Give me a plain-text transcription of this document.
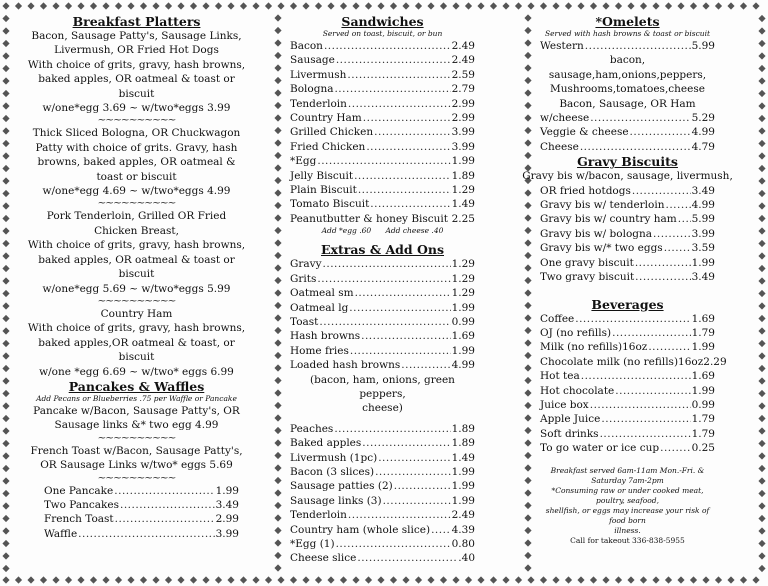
Breakfast Platters
Bacon, Sausage Patty's, Sausage Links,
Livermush, OR Fried Hot Dogs
With choice of grits, gravy, hash browns,
baked apples, OR oatmeal & toast or
biscuit
w/one*egg 3.69 ~ w/two*eggs 3.99
~~~~~~~~~~
Thick Sliced Bologna, OR Chuckwagon
Patty with choice of grits. Gravy, hash
browns, baked apples, OR oatmeal &
toast or biscuit
w/one*egg 4.69 ~ w/two*eggs 4.99
~~~~~~~~~~
Pork Tenderloin, Grilled OR Fried
Chicken Breast,
With choice of grits, gravy, hash browns,
baked apples, OR oatmeal & toast or
biscuit
w/one*egg 5.69 ~ w/two*eggs 5.99
~~~~~~~~~~
Country Ham
With choice of grits, gravy, hash browns,
baked apples,OR oatmeal & toast, or
biscuit
w/one *egg 6.69 ~ w/two* eggs 6.99
Pancakes & Waffles
Add Pecans or Blueberries .75 per Waffle or Pancake
Pancake w/Bacon, Sausage Patty's, OR
Sausage links &* two egg 4.99
~~~~~~~~~~
French Toast w/Bacon, Sausage Patty's,
OR Sausage Links w/two* eggs 5.69
~~~~~~~~~~
One Pancake .....	1.99
Two Pancakes .....	3.49
French Toast .....	2.99
Waffle .....	3.99
Sandwiches
Served on toast, biscuit, or bun
Bacon .....	2.49
Sausage .....	2.49
Livermush .....	2.59
Bologna .....	2.79
Tenderloin .....	2.99
Country Ham .....	2.99
Grilled Chicken .....	3.99
Fried Chicken .....	3.99
*Egg .....	1.99
Jelly Biscuit .....	1.89
Plain Biscuit .....	1.29
Tomato Biscuit .....	1.49
Peanutbutter & honey Biscuit 2.25
Add *egg .60      Add cheese .40
Extras & Add Ons
Gravy .....	1.29
Grits .....	1.29
Oatmeal sm .....	1.29
Oatmeal lg .....	1.99
Toast .....	0.99
Hash browns .....	1.69
Home fries .....	1.99
Loaded hash browns .....	4.99
(bacon, ham, onions, green peppers,
cheese)
Peaches .....	1.89
Baked apples .....	1.89
Livermush (1pc) .....	1.49
Bacon (3 slices) .....	1.99
Sausage patties (2) .....	1.99
Sausage links (3) .....	1.99
Tenderloin .....	2.49
Country ham (whole slice) ..... 4.39
*Egg (1) .....	0.80
Cheese slice .....	.40
*Omelets
Served with hash browns & toast or biscuit
Western .....	5.99
bacon, sausage,ham,onions,peppers,
Mushrooms,tomatoes,cheese
Bacon, Sausage, OR Ham
w/cheese .....	5.29
Veggie & cheese .....	4.99
Cheese .....	4.79
Gravy Biscuits
Gravy bis w/bacon, sausage, livermush,
OR fried hotdogs .....	3.49
Gravy bis w/ tenderloin .....	4.99
Gravy bis w/ country ham ..... 5.99
Gravy bis w/ bologna .....	3.99
Gravy bis w/* two eggs .....	3.59
One gravy biscuit .....	1.99
Two gravy biscuit .....	3.49
Beverages
Coffee .....	1.69
OJ (no refills) .....	1.79
Milk (no refills)16oz .....	1.99
Chocolate milk (no refills)16oz 2.29
Hot tea .....	1.69
Hot chocolate .....	1.99
Juice box .....	0.99
Apple Juice .....	1.79
Soft drinks .....	1.79
To go water or ice cup .....	0.25
Breakfast served 6am-11am Mon.-Fri. &
Saturday 7am-2pm
*Consuming raw or under cooked meat, poultry, seafood,
shellfish, or eggs may increase your risk of food born
illness.
Call for takeout 336-838-5955
